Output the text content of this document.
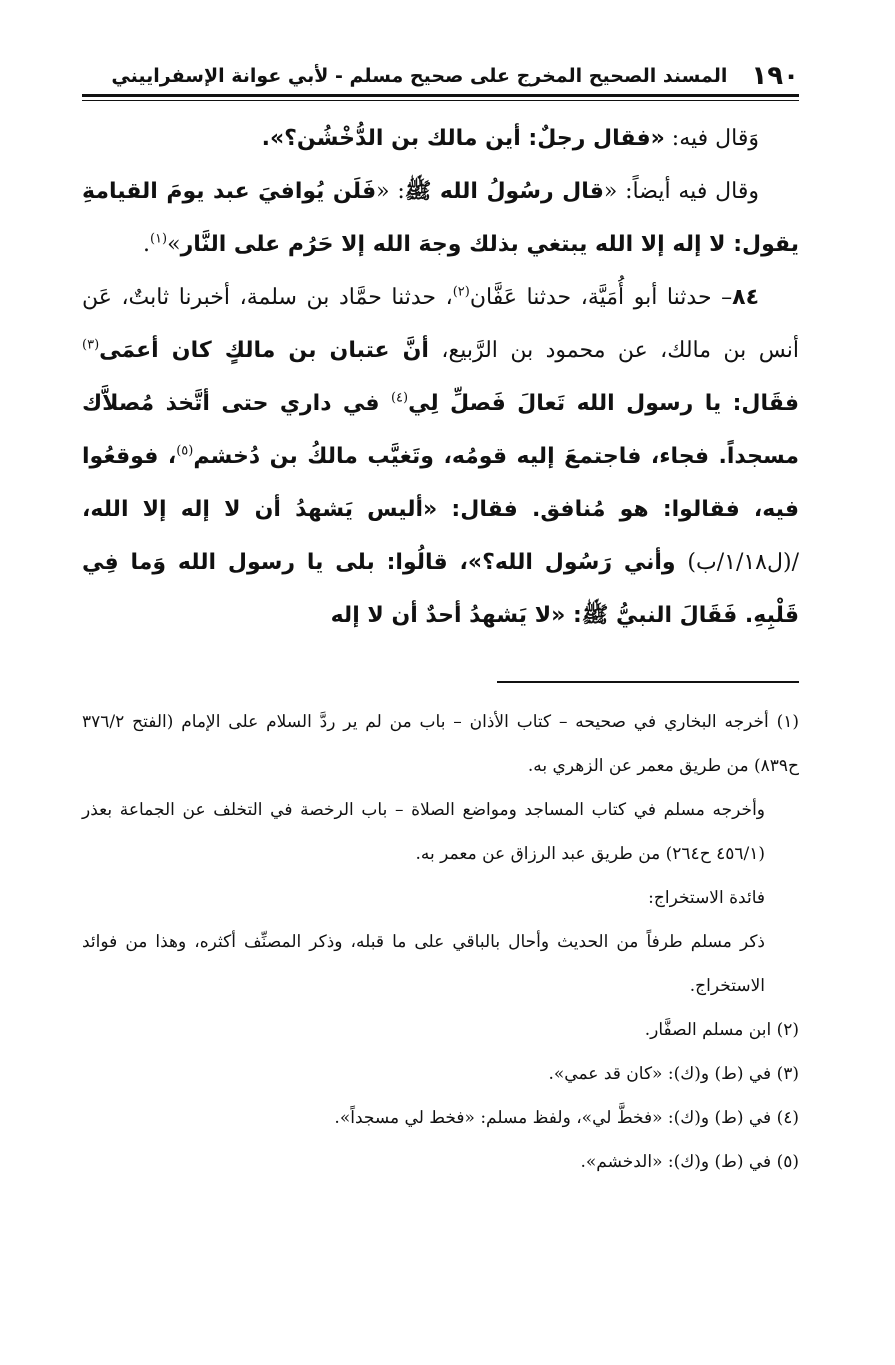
١٩٠
المسند الصحيح المخرج على صحيح مسلم - لأبي عوانة الإسفراييني

وَقال فيه: «فقال رجلٌ: أين مالك بن الدُّخْشُن؟».

وقال فيه أيضاً: «قال رسُولُ الله ﷺ: «فَلَن يُوافيَ عبد يومَ القيامةِ يقول: لا إله إلا الله يبتغي بذلك وجهَ الله إلا حَرُم على النَّار»$^{(١)}$.

٨٤– حدثنا أبو أُمَيَّة، حدثنا عَفَّان$^{(٢)}$، حدثنا حمَّاد بن سلمة، أخبرنا ثابتٌ، عَن أنس بن مالك، عن محمود بن الرَّبيع، أنَّ عتبان بن مالكٍ كان أعمَى$^{(٣)}$ فقَال: يا رسول الله تَعالَ فَصلِّ لِي$^{(٤)}$ في داري حتى أتَّخذ مُصلاَّك مسجداً. فجاء، فاجتمعَ إليه قومُه، وتَغيَّب مالكُ بن دُخشم$^{(٥)}$، فوقعُوا فيه، فقالوا: هو مُنافق. فقال: «أليس يَشهدُ أن لا إله إلا الله، /(ل١/١٨/ب) وأني رَسُول الله؟»، قالُوا: بلى يا رسول الله وَما فِي قَلْبِهِ. فَقَالَ النبيُّ ﷺ: «لا يَشهدُ أحدٌ أن لا إله

(١) أخرجه البخاري في صحيحه – كتاب الأذان – باب من لم ير ردَّ السلام على الإمام (الفتح ٣٧٦/٢ ح٨٣٩) من طريق معمر عن الزهري به.

وأخرجه مسلم في كتاب المساجد ومواضع الصلاة – باب الرخصة في التخلف عن الجماعة بعذر (٤٥٦/١ ح٢٦٤) من طريق عبد الرزاق عن معمر به.

فائدة الاستخراج:

ذكر مسلم طرفاً من الحديث وأحال بالباقي على ما قبله، وذكر المصنِّف أكثره، وهذا من فوائد الاستخراج.

(٢) ابن مسلم الصفَّار.

(٣) في (ط) و(ك): «كان قد عمي».

(٤) في (ط) و(ك): «فخطَّ لي»، ولفظ مسلم: «فخط لي مسجداً».

(٥) في (ط) و(ك): «الدخشم».
